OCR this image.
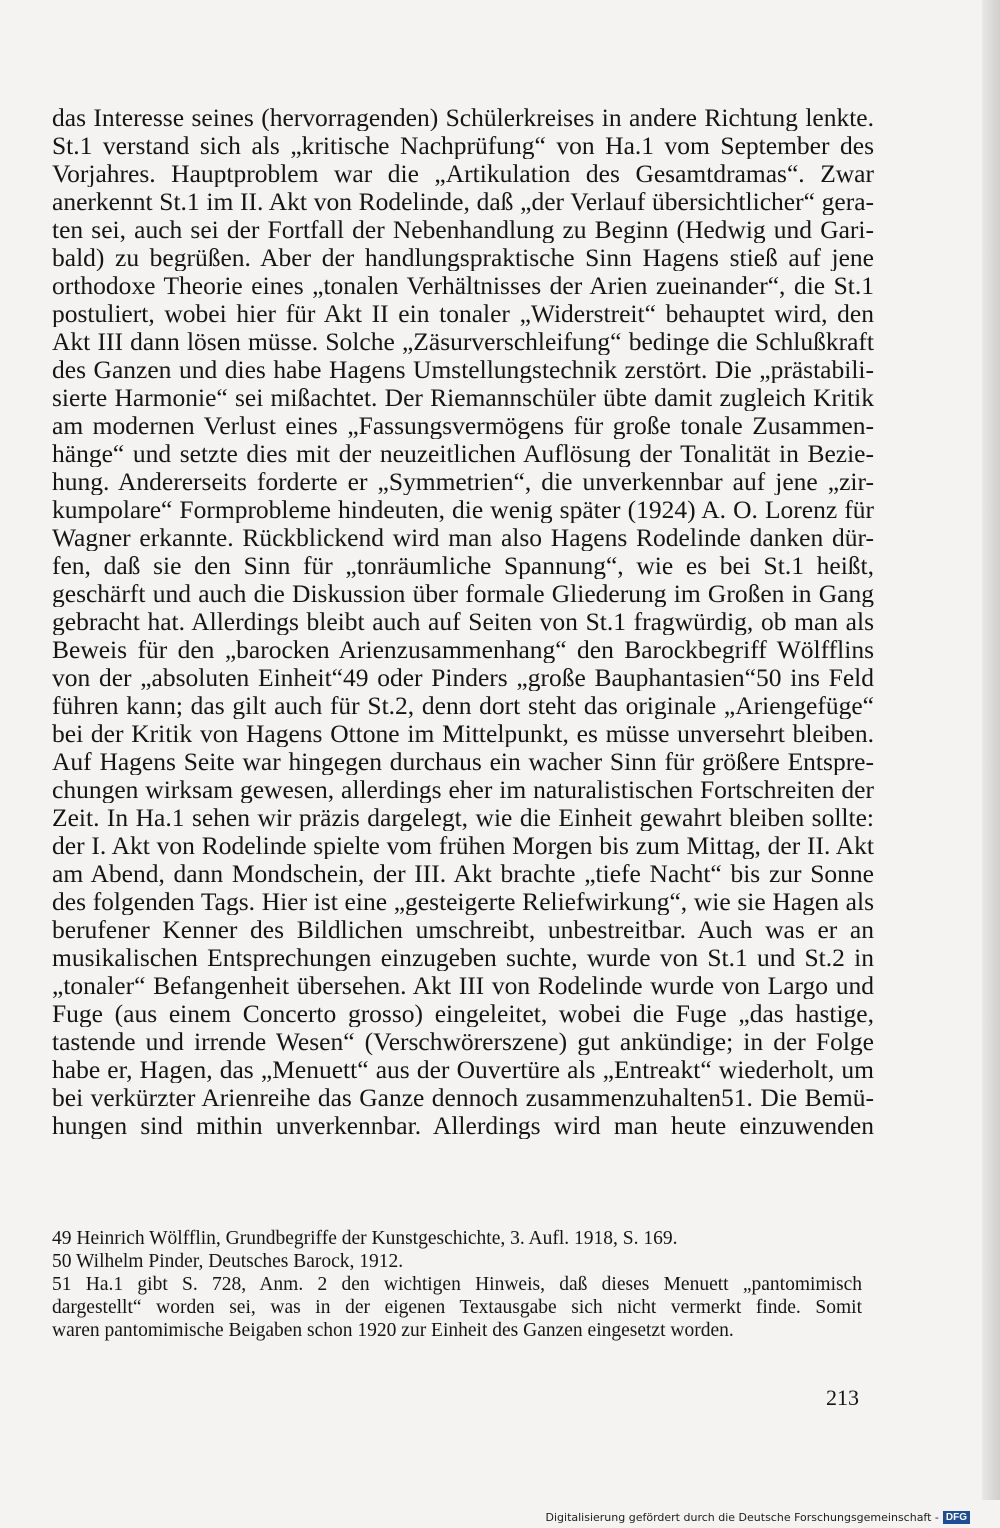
das Interesse seines (hervorragenden) Schülerkreises in andere Richtung lenkte.
St.1 verstand sich als „kritische Nachprüfung“ von Ha.1 vom September des
Vorjahres. Hauptproblem war die „Artikulation des Gesamtdramas“. Zwar
anerkennt St.1 im II. Akt von Rodelinde, daß „der Verlauf übersichtlicher“ gera-
ten sei, auch sei der Fortfall der Nebenhandlung zu Beginn (Hedwig und Gari-
bald) zu begrüßen. Aber der handlungspraktische Sinn Hagens stieß auf jene
orthodoxe Theorie eines „tonalen Verhältnisses der Arien zueinander“, die St.1
postuliert, wobei hier für Akt II ein tonaler „Widerstreit“ behauptet wird, den
Akt III dann lösen müsse. Solche „Zäsurverschleifung“ bedinge die Schlußkraft
des Ganzen und dies habe Hagens Umstellungstechnik zerstört. Die „prästabili-
sierte Harmonie“ sei mißachtet. Der Riemannschüler übte damit zugleich Kritik
am modernen Verlust eines „Fassungsvermögens für große tonale Zusammen-
hänge“ und setzte dies mit der neuzeitlichen Auflösung der Tonalität in Bezie-
hung. Andererseits forderte er „Symmetrien“, die unverkennbar auf jene „zir-
kumpolare“ Formprobleme hindeuten, die wenig später (1924) A. O. Lorenz für
Wagner erkannte. Rückblickend wird man also Hagens Rodelinde danken dür-
fen, daß sie den Sinn für „tonräumliche Spannung“, wie es bei St.1 heißt,
geschärft und auch die Diskussion über formale Gliederung im Großen in Gang
gebracht hat. Allerdings bleibt auch auf Seiten von St.1 fragwürdig, ob man als
Beweis für den „barocken Arienzusammenhang“ den Barockbegriff Wölfflins
von der „absoluten Einheit“49 oder Pinders „große Bauphantasien“50 ins Feld
führen kann; das gilt auch für St.2, denn dort steht das originale „Ariengefüge“
bei der Kritik von Hagens Ottone im Mittelpunkt, es müsse unversehrt bleiben.
Auf Hagens Seite war hingegen durchaus ein wacher Sinn für größere Entspre-
chungen wirksam gewesen, allerdings eher im naturalistischen Fortschreiten der
Zeit. In Ha.1 sehen wir präzis dargelegt, wie die Einheit gewahrt bleiben sollte:
der I. Akt von Rodelinde spielte vom frühen Morgen bis zum Mittag, der II. Akt
am Abend, dann Mondschein, der III. Akt brachte „tiefe Nacht“ bis zur Sonne
des folgenden Tags. Hier ist eine „gesteigerte Reliefwirkung“, wie sie Hagen als
berufener Kenner des Bildlichen umschreibt, unbestreitbar. Auch was er an
musikalischen Entsprechungen einzugeben suchte, wurde von St.1 und St.2 in
„tonaler“ Befangenheit übersehen. Akt III von Rodelinde wurde von Largo und
Fuge (aus einem Concerto grosso) eingeleitet, wobei die Fuge „das hastige,
tastende und irrende Wesen“ (Verschwörerszene) gut ankündige; in der Folge
habe er, Hagen, das „Menuett“ aus der Ouvertüre als „Entreakt“ wiederholt, um
bei verkürzter Arienreihe das Ganze dennoch zusammenzuhalten51. Die Bemü-
hungen sind mithin unverkennbar. Allerdings wird man heute einzuwenden
49 Heinrich Wölfflin, Grundbegriffe der Kunstgeschichte, 3. Aufl. 1918, S. 169.
50 Wilhelm Pinder, Deutsches Barock, 1912.
51 Ha.1 gibt S. 728, Anm. 2 den wichtigen Hinweis, daß dieses Menuett „pantomimisch
dargestellt“ worden sei, was in der eigenen Textausgabe sich nicht vermerkt finde. Somit
waren pantomimische Beigaben schon 1920 zur Einheit des Ganzen eingesetzt worden.
213
Digitalisierung gefördert durch die Deutsche Forschungsgemeinschaft - DFG
